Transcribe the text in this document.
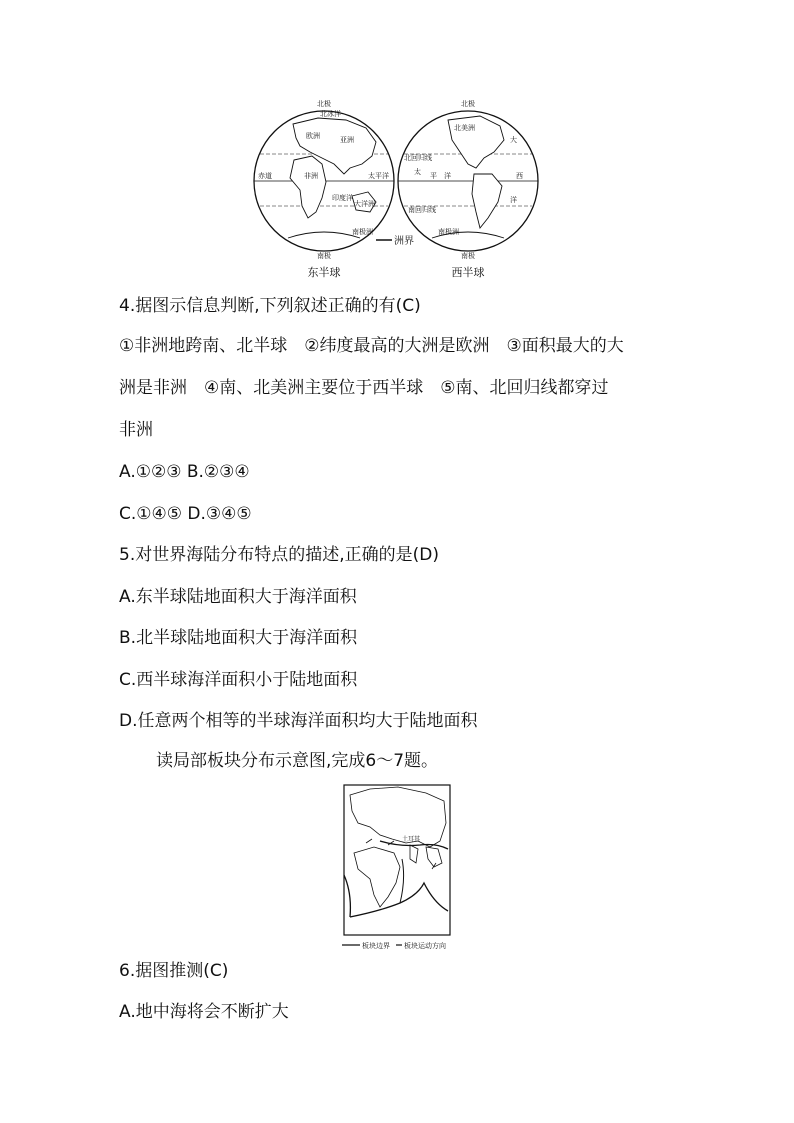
北极
北冰洋
欧洲	亚洲
非洲
赤道
印度洋
太平洋
大洋洲
南极洲
南极
东半球
洲界
北极
北美洲
北回归线
太 平 洋
大
西
洋
南回归线
南极洲
南极
西半球
4.据图示信息判断,下列叙述正确的有(C)
①非洲地跨南、北半球　②纬度最高的大洲是欧洲　③面积最大的大
洲是非洲　④南、北美洲主要位于西半球　⑤南、北回归线都穿过
非洲
A.①②③ B.②③④
C.①④⑤ D.③④⑤
5.对世界海陆分布特点的描述,正确的是(D)
A.东半球陆地面积大于海洋面积
B.北半球陆地面积大于海洋面积
C.西半球海洋面积小于陆地面积
D.任意两个相等的半球海洋面积均大于陆地面积
读局部板块分布示意图,完成6～7题。
土耳其
板块边界 板块运动方向
6.据图推测(C)
A.地中海将会不断扩大
